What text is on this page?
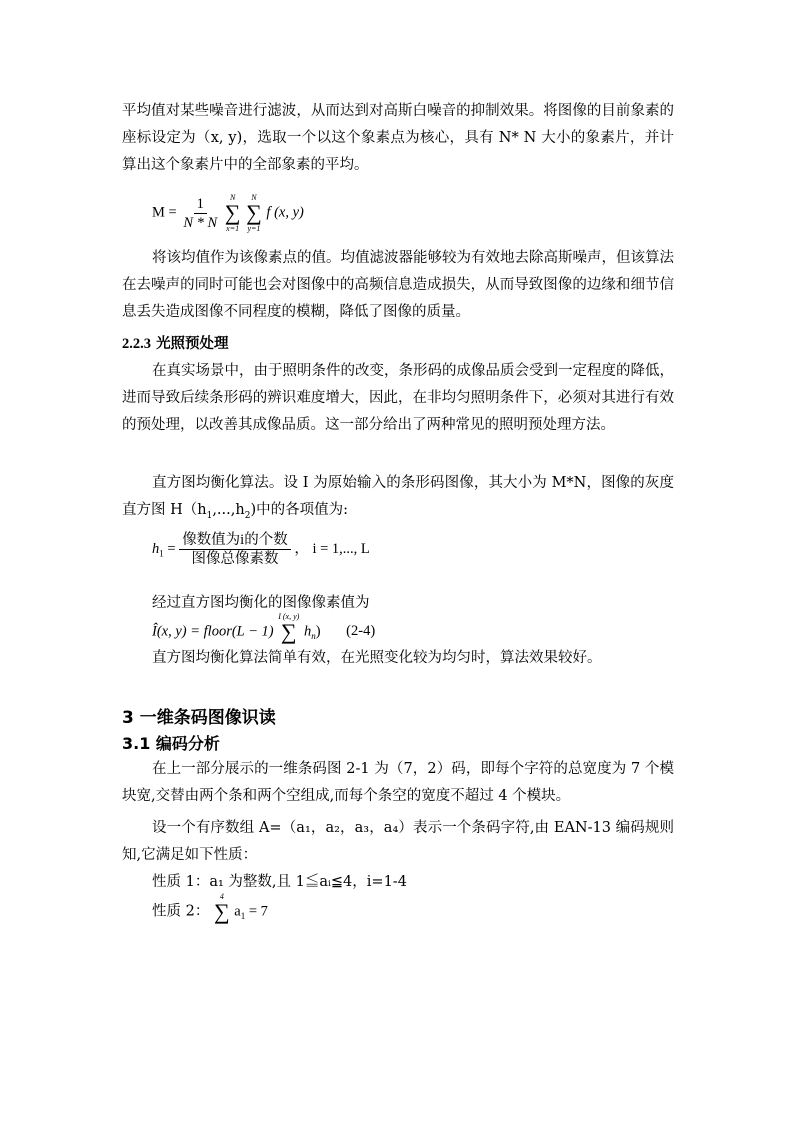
平均值对某些噪音进行滤波，从而达到对高斯白噪音的抑制效果。将图像的目前象素的座标设定为（x, y)，选取一个以这个象素点为核心，具有 N* N 大小的象素片，并计算出这个象素片中的全部象素的平均。

$M = \frac{1}{N * N}$
N
∑
x=1

N
∑
y=1
f (x, y)

将该均值作为该像素点的值。均值滤波器能够较为有效地去除高斯噪声，但该算法在去噪声的同时可能也会对图像中的高频信息造成损失，从而导致图像的边缘和细节信息丢失造成图像不同程度的模糊，降低了图像的质量。

2.2.3 光照预处理

在真实场景中，由于照明条件的改变，条形码的成像品质会受到一定程度的降低，进而导致后续条形码的辨识难度增大，因此，在非均匀照明条件下，必须对其进行有效的预处理，以改善其成像品质。这一部分给出了两种常见的照明预处理方法。

直方图均衡化算法。设 I 为原始输入的条形码图像，其大小为 M*N，图像的灰度直方图 $H(h_1,...,h_2)$中的各项值为:

$h_1 = \frac{\text{像数值为i的个数}}{\text{图像总像素数}}$ ， i = 1,..., L

经过直方图均衡化的图像像素值为

Î(x, y) = floor(L − 1)
I (x, y)
∑
$h_n$) (2-4)

直方图均衡化算法简单有效，在光照变化较为均匀时，算法效果较好。

3 一维条码图像识读
3.1 编码分析

在上一部分展示的一维条码图 2-1 为（7，2）码，即每个字符的总宽度为 7 个模块宽,交替由两个条和两个空组成,而每个条空的宽度不超过 4 个模块。

设一个有序数组 A=（a₁，a₂，a₃，a₄）表示一个条码字符,由 EAN-13 编码规则知,它满足如下性质：

性质 1：a₁ 为整数,且 1≦aᵢ≦4，i=1-4

性质 2：
4
∑
$a_1 = 7$
